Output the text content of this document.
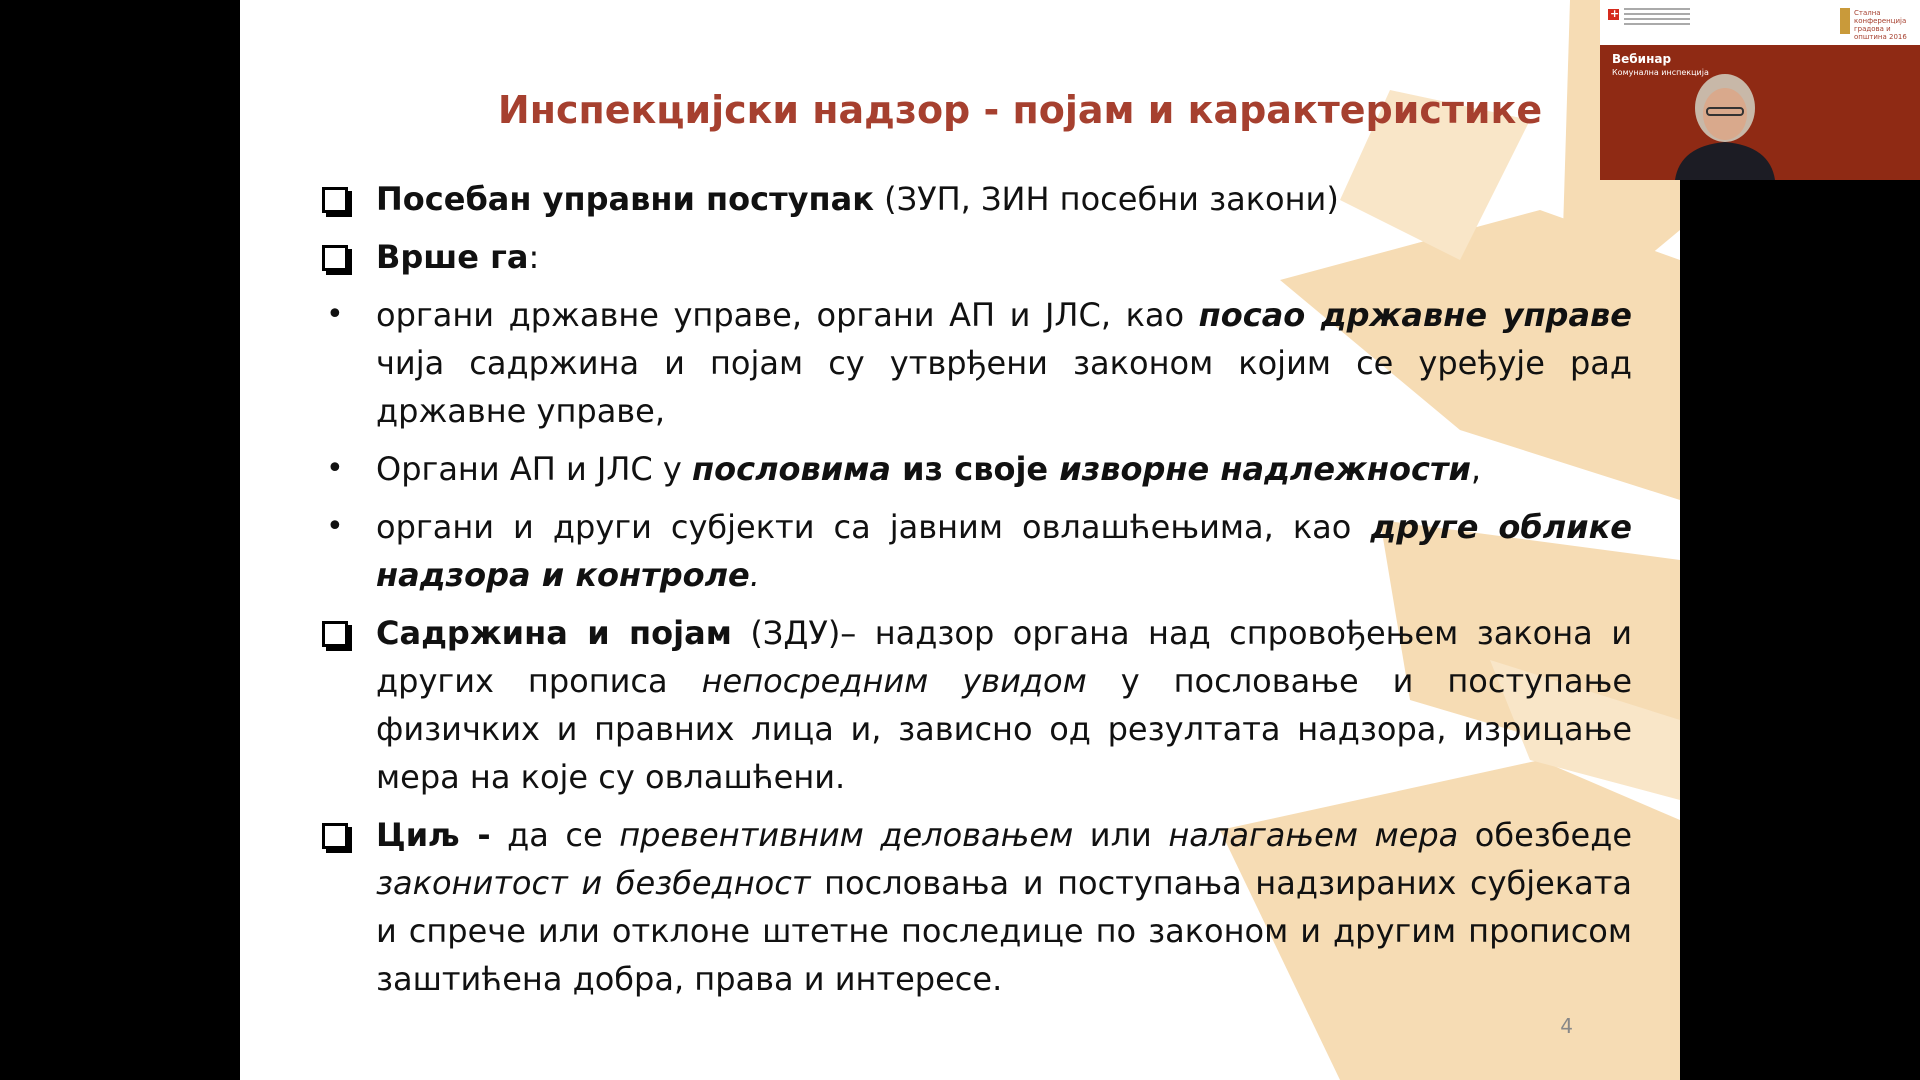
Инспекцијски надзор - појам и карактеристике
Посебан управни поступак (ЗУП, ЗИН посебни закони)
Врше га:
• органи државне управе, органи АП и ЈЛС, као посао државне управе чија садржина и појам су утврђени законом којим се уређује рад државне управе,
• Органи АП и ЈЛС у пословима из своје изворне надлежности,
• органи и други субјекти са јавним овлашћењима, као друге облике надзора и контроле.
Садржина и појам (ЗДУ)– надзор органа над спровођењем закона и других прописа непосредним увидом у пословање и поступање физичких и правних лица и, зависно од резултата надзора, изрицање мера на које су овлашћени.
Циљ - да се превентивним деловањем или налагањем мера обезбеде законитост и безбедност пословања и поступања надзираних субјеката и спрече или отклоне штетне последице по законом и другим прописом заштићена добра, права и интересе.
4
+
Стална конференција градова и општина 2016
Вебинар
Комунална инспекција
